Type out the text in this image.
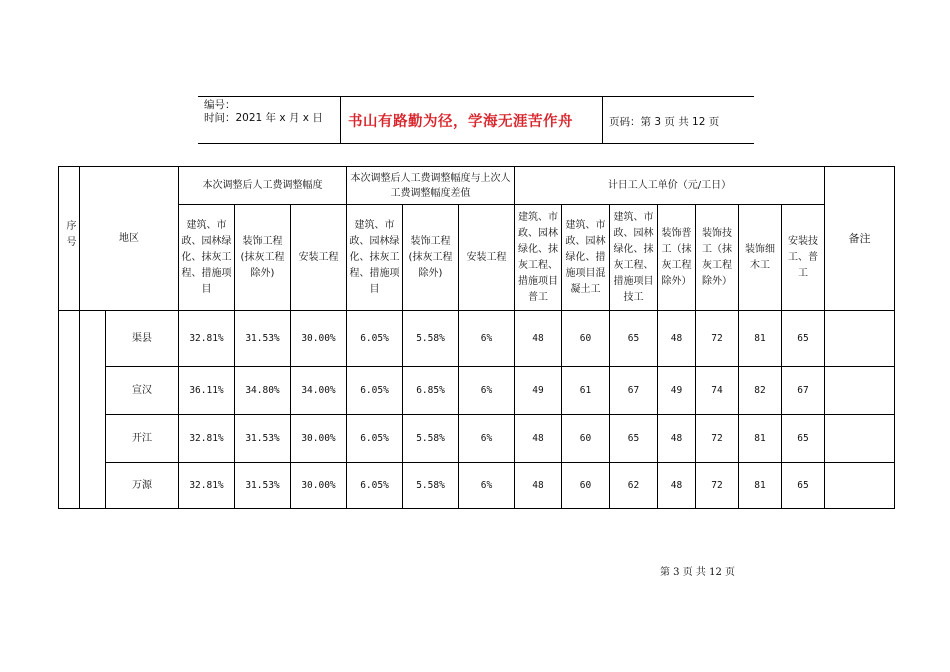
编号：
时间：2021 年 x 月 x 日	书山有路勤为径，学海无涯苦作舟	页码：第 3 页 共 12 页
序号	地区		本次调整后人工费调整幅度			本次调整后人工费调整幅度与上次人工费调整幅度差值			计日工人工单价（元/工日）							备注
			建筑、市政、园林绿化、抹灰工程、措施项目	装饰工程(抹灰工程除外)	安装工程	建筑、市政、园林绿化、抹灰工程、措施项目	装饰工程(抹灰工程除外)	安装工程	建筑、市政、园林绿化、抹灰工程、措施项目普工	建筑、市政、园林绿化、措施项目混凝土工	建筑、市政、园林绿化、抹灰工程、措施项目技工	装饰普工（抹灰工程除外）	装饰技工（抹灰工程除外）	装饰细木工	安装技工、普工	
		渠县	32.81%	31.53%	30.00%	6.05%	5.58%	6%	48	60	65	48	72	81	65	
		宣汉	36.11%	34.80%	34.00%	6.05%	6.85%	6%	49	61	67	49	74	82	67	
		开江	32.81%	31.53%	30.00%	6.05%	5.58%	6%	48	60	65	48	72	81	65	
		万源	32.81%	31.53%	30.00%	6.05%	5.58%	6%	48	60	62	48	72	81	65	
第 3 页 共 12 页
